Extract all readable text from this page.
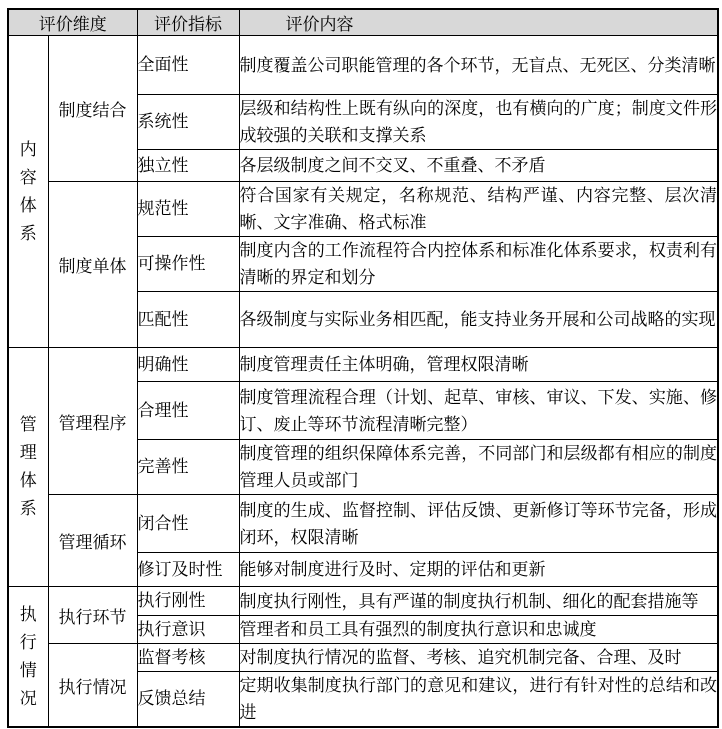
评价维度		评价指标	评价内容

内容体系	制度结合	全面性	制度覆盖公司职能管理的各个环节，无盲点、无死区、分类清晰
		系统性	层级和结构性上既有纵向的深度，也有横向的广度；制度文件形成较强的关联和支撑关系
		独立性	各层级制度之间不交叉、不重叠、不矛盾
	制度单体	规范性	符合国家有关规定，名称规范、结构严谨、内容完整、层次清晰、文字准确、格式标准
		可操作性	制度内含的工作流程符合内控体系和标准化体系要求，权责利有清晰的界定和划分
		匹配性	各级制度与实际业务相匹配，能支持业务开展和公司战略的实现

管理体系	管理程序	明确性	制度管理责任主体明确，管理权限清晰
		合理性	制度管理流程合理（计划、起草、审核、审议、下发、实施、修订、废止等环节流程清晰完整）
		完善性	制度管理的组织保障体系完善，不同部门和层级都有相应的制度管理人员或部门
	管理循环	闭合性	制度的生成、监督控制、评估反馈、更新修订等环节完备，形成闭环，权限清晰
		修订及时性	能够对制度进行及时、定期的评估和更新

执行情况	执行环节	执行刚性	制度执行刚性，具有严谨的制度执行机制、细化的配套措施等
		执行意识	管理者和员工具有强烈的制度执行意识和忠诚度
	执行情况	监督考核	对制度执行情况的监督、考核、追究机制完备、合理、及时
		反馈总结	定期收集制度执行部门的意见和建议，进行有针对性的总结和改进
